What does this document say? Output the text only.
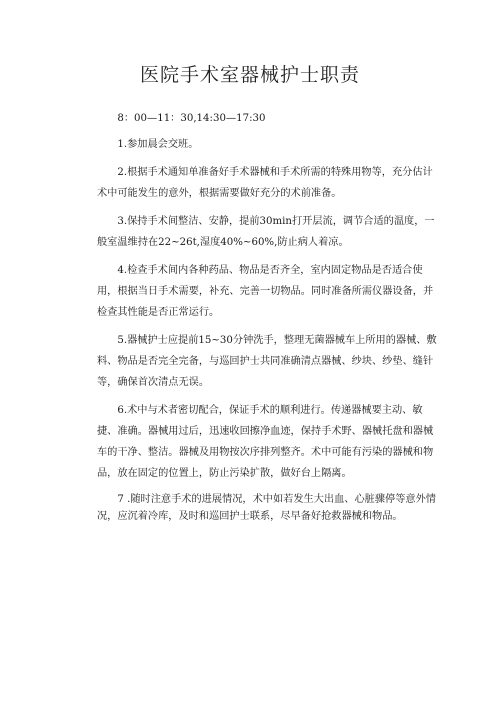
医院手术室器械护士职责

8：00—11：30,14:30—17:30

1.参加晨会交班。

2.根据手术通知单准备好手术器械和手术所需的特殊用物等，充分估计术中可能发生的意外，根据需要做好充分的术前准备。

3.保持手术间整洁、安静，提前30min打开层流，调节合适的温度，一般室温维持在22~26t,湿度40%~60%,防止病人着凉。

4.检查手术间内各种药品、物品是否齐全，室内固定物品是否适合使用，根据当日手术需要，补充、完善一切物品。同时准备所需仪器设备，并检查其性能是否正常运行。

5.器械护士应提前15~30分钟洗手，整理无菌器械车上所用的器械、敷料、物品是否完全完备，与巡回护士共同准确清点器械、纱块、纱垫、缝针等，确保首次清点无误。

6.术中与术者密切配合，保证手术的顺利进行。传递器械要主动、敏捷、准确。器械用过后，迅速收回擦净血迹，保持手术野、器械托盘和器械车的干净、整洁。器械及用物按次序排列整齐。术中可能有污染的器械和物品，放在固定的位置上，防止污染扩散，做好台上隔离。

7 .随时注意手术的进展情况，术中如若发生大出血、心脏骤停等意外情况，应沉着冷库，及时和巡回护士联系，尽早备好抢救器械和物品。
